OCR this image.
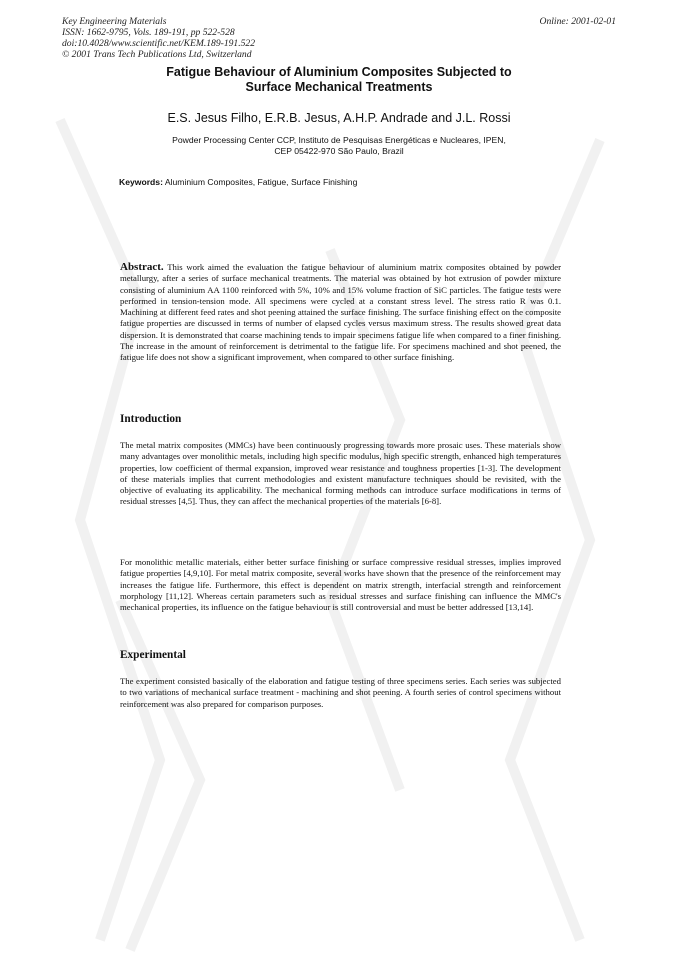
Key Engineering Materials
ISSN: 1662-9795, Vols. 189-191, pp 522-528
doi:10.4028/www.scientific.net/KEM.189-191.522
© 2001 Trans Tech Publications Ltd, Switzerland
Online: 2001-02-01
Fatigue Behaviour of Aluminium Composites Subjected to
Surface Mechanical Treatments
E.S. Jesus Filho, E.R.B. Jesus, A.H.P. Andrade and J.L. Rossi
Powder Processing Center CCP, Instituto de Pesquisas Energéticas e Nucleares, IPEN,
CEP 05422-970 São Paulo, Brazil
Keywords: Aluminium Composites, Fatigue, Surface Finishing

Abstract. This work aimed the evaluation the fatigue behaviour of aluminium matrix composites obtained by powder metallurgy, after a series of surface mechanical treatments. The material was obtained by hot extrusion of powder mixture consisting of aluminium AA 1100 reinforced with 5%, 10% and 15% volume fraction of SiC particles. The fatigue tests were performed in tension-tension mode. All specimens were cycled at a constant stress level. The stress ratio R was 0.1. Machining at different feed rates and shot peening attained the surface finishing. The surface finishing effect on the composite fatigue properties are discussed in terms of number of elapsed cycles versus maximum stress. The results showed great data dispersion. It is demonstrated that coarse machining tends to impair specimens fatigue life when compared to a finer finishing. The increase in the amount of reinforcement is detrimental to the fatigue life. For specimens machined and shot peened, the fatigue life does not show a significant improvement, when compared to other surface finishing.

Introduction

The metal matrix composites (MMCs) have been continuously progressing towards more prosaic uses. These materials show many advantages over monolithic metals, including high specific modulus, high specific strength, enhanced high temperatures properties, low coefficient of thermal expansion, improved wear resistance and toughness properties [1-3]. The development of these materials implies that current methodologies and existent manufacture techniques should be revisited, with the objective of evaluating its applicability. The mechanical forming methods can introduce surface modifications in terms of residual stresses [4,5]. Thus, they can affect the mechanical properties of the materials [6-8].

For monolithic metallic materials, either better surface finishing or surface compressive residual stresses, implies improved fatigue properties [4,9,10]. For metal matrix composite, several works have shown that the presence of the reinforcement may increases the fatigue life. Furthermore, this effect is dependent on matrix strength, interfacial strength and reinforcement morphology [11,12]. Whereas certain parameters such as residual stresses and surface finishing can influence the MMC's mechanical properties, its influence on the fatigue behaviour is still controversial and must be better addressed [13,14].

Experimental

The experiment consisted basically of the elaboration and fatigue testing of three specimens series. Each series was subjected to two variations of mechanical surface treatment - machining and shot peening. A fourth series of control specimens without reinforcement was also prepared for comparison purposes.
